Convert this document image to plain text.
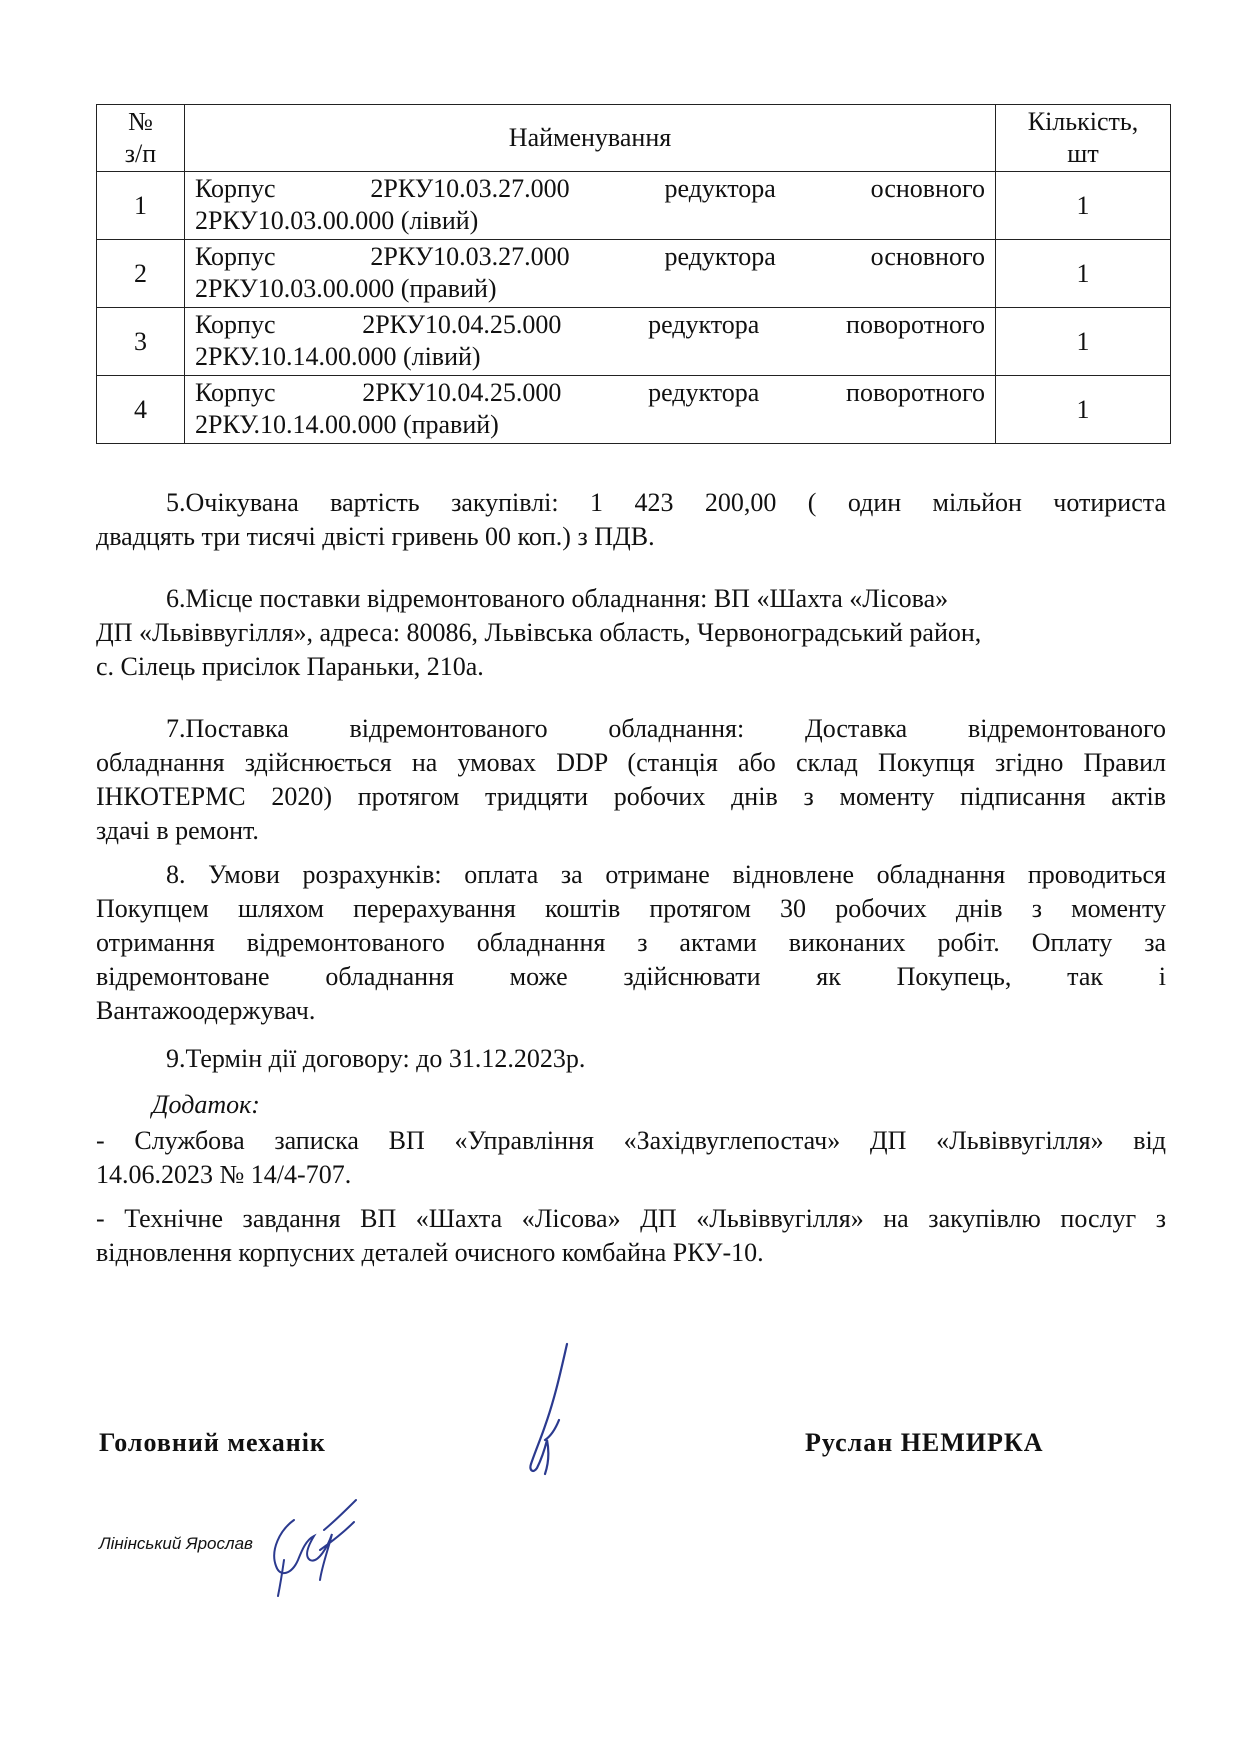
№
з/п	Найменування	Кількість,
шт

1	Корпус 2РКУ10.03.27.000 редуктора основного
2РКУ10.03.00.000 (лівий)	1
2	Корпус 2РКУ10.03.27.000 редуктора основного
2РКУ10.03.00.000 (правий)	1
3	Корпус 2РКУ10.04.25.000 редуктора поворотного
2РКУ.10.14.00.000 (лівий)	1
4	Корпус 2РКУ10.04.25.000 редуктора поворотного
2РКУ.10.14.00.000 (правий)	1
5.Очікувана вартість закупівлі: 1 423 200,00 ( один мільйон чотириста
двадцять три тисячі двісті гривень 00 коп.) з ПДВ.
6.Місце поставки відремонтованого обладнання: ВП «Шахта «Лісова»
ДП «Львіввугілля», адреса: 80086, Львівська область, Червоноградський район,
с. Сілець присілок Параньки, 210а.
7.Поставка відремонтованого обладнання: Доставка відремонтованого
обладнання здійснюється на умовах DDP (станція або склад Покупця згідно Правил
ІНКОТЕРМС 2020) протягом тридцяти робочих днів з моменту підписання актів
здачі в ремонт.
8. Умови розрахунків: оплата за отримане відновлене обладнання проводиться
Покупцем шляхом перерахування коштів протягом 30 робочих днів з моменту
отримання відремонтованого обладнання з актами виконаних робіт. Оплату за
відремонтоване обладнання може здійснювати як Покупець, так і
Вантажоодержувач.
9.Термін дії договору: до 31.12.2023р.
Додаток:
- Службова записка ВП «Управління «Західвуглепостач» ДП «Львіввугілля» від
14.06.2023 № 14/4-707.
- Технічне завдання ВП «Шахта «Лісова» ДП «Львіввугілля» на закупівлю послуг з
відновлення корпусних деталей очисного комбайна РКУ-10.
Головний механік	Руслан НЕМИРКА
Лінінський Ярослав
